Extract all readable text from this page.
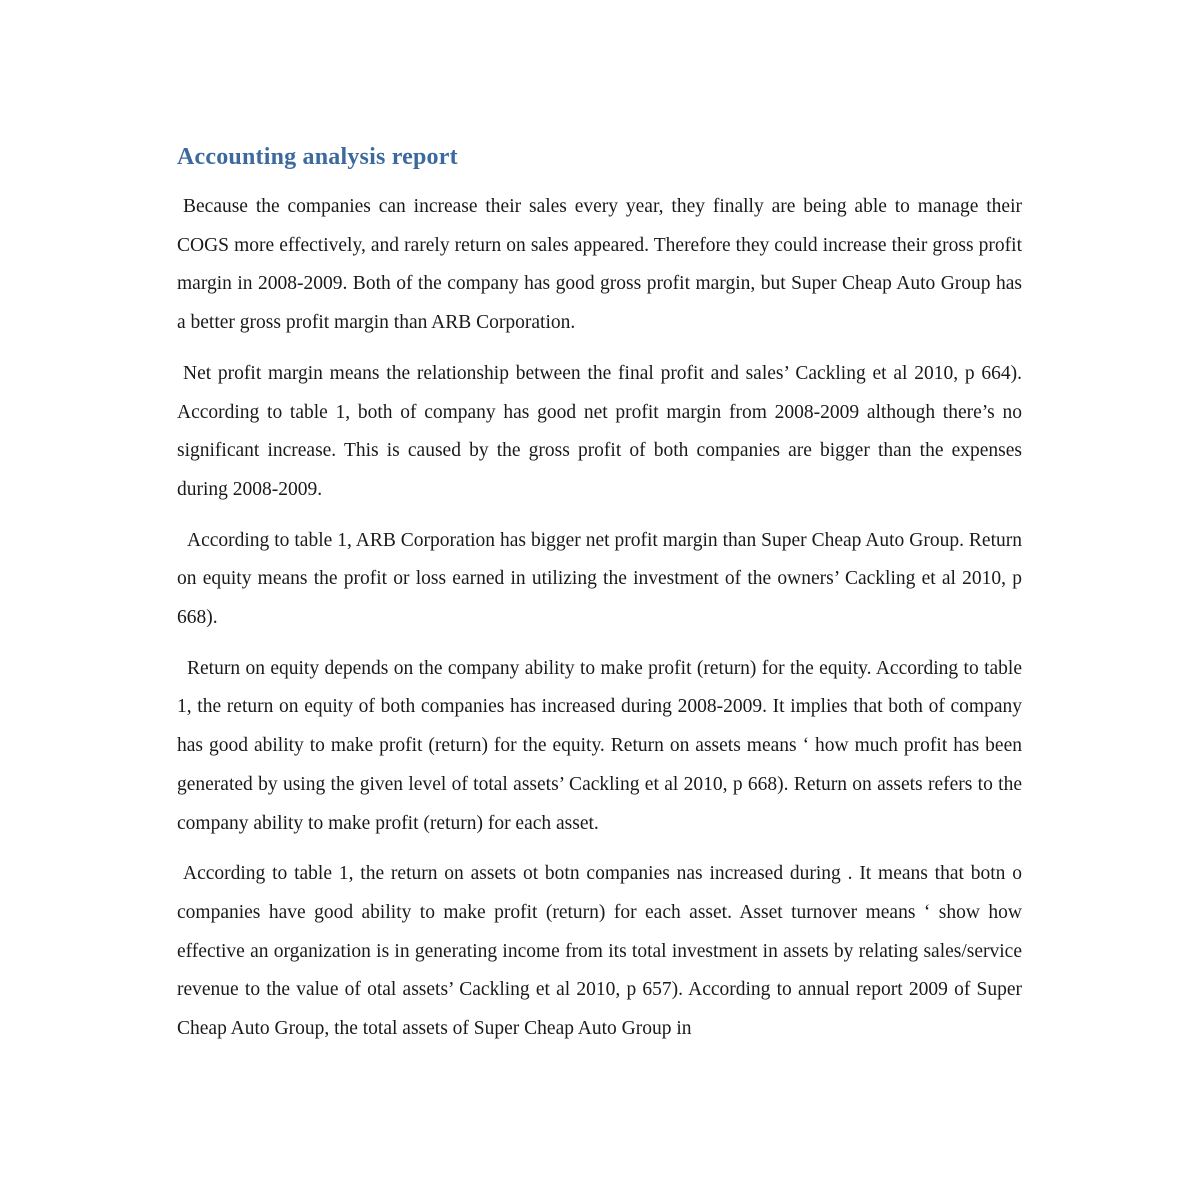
Accounting analysis report

Because the companies can increase their sales every year, they finally are being able to manage their COGS more effectively, and rarely return on sales appeared. Therefore they could increase their gross profit margin in 2008-2009. Both of the company has good gross profit margin, but Super Cheap Auto Group has a better gross profit margin than ARB Corporation.

Net profit margin means the relationship between the final profit and sales’ Cackling et al 2010, p 664). According to table 1, both of company has good net profit margin from 2008-2009 although there’s no significant increase. This is caused by the gross profit of both companies are bigger than the expenses during 2008-2009.

According to table 1, ARB Corporation has bigger net profit margin than Super Cheap Auto Group. Return on equity means the profit or loss earned in utilizing the investment of the owners’ Cackling et al 2010, p 668).

Return on equity depends on the company ability to make profit (return) for the equity. According to table 1, the return on equity of both companies has increased during 2008-2009. It implies that both of company has good ability to make profit (return) for the equity. Return on assets means ‘ how much profit has been generated by using the given level of total assets’ Cackling et al 2010, p 668). Return on assets refers to the company ability to make profit (return) for each asset.

According to table 1, the return on assets ot botn companies nas increased during . It means that botn o companies have good ability to make profit (return) for each asset. Asset turnover means ‘ show how effective an organization is in generating income from its total investment in assets by relating sales/service revenue to the value of otal assets’ Cackling et al 2010, p 657). According to annual report 2009 of Super Cheap Auto Group, the total assets of Super Cheap Auto Group in
